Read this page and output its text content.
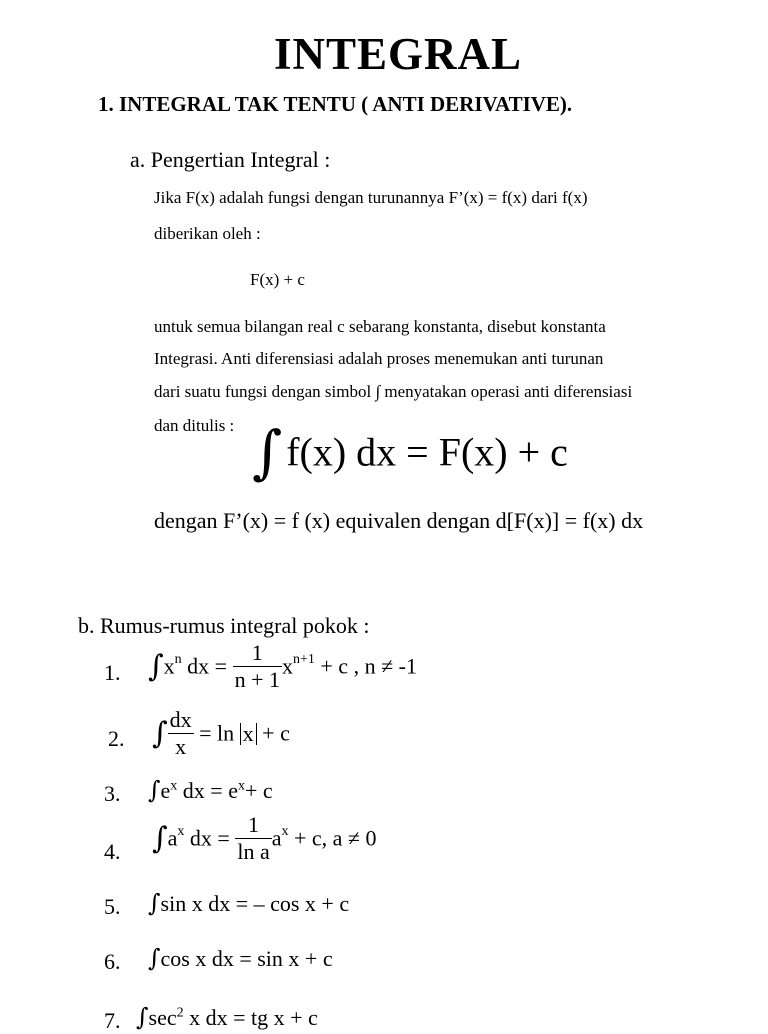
INTEGRAL
1. INTEGRAL TAK TENTU ( ANTI DERIVATIVE).
a. Pengertian Integral :
Jika F(x) adalah fungsi dengan turunannya F’(x) = f(x) dari f(x)
diberikan oleh :
F(x) + c
untuk semua bilangan real c sebarang konstanta, disebut konstanta
Integrasi. Anti diferensiasi adalah proses menemukan anti turunan
dari suatu fungsi dengan simbol ∫ menyatakan operasi anti diferensiasi
dan ditulis : ∫ f(x) dx = F(x) + c
dengan F’(x) = f (x) equivalen dengan d[F(x)] = f(x) dx
b. Rumus-rumus integral pokok :
1. $\int x^n$ dx = $\frac{1}{n + 1} x^{n+1} + c$ , n ≠ -1
2. ∫ $\frac{dx}{x} = \ln x + c$
3. $\int e^x$ dx = $e^x+ c$
4. $\int a^x$ dx = $\frac{1}{\text{ln a}} a^x + c$, a ≠ 0
5. ∫sin x dx = – cos x + c
6. ∫cos x dx = sin x + c
7. $\int\sec^2$ x dx = tg x + c
